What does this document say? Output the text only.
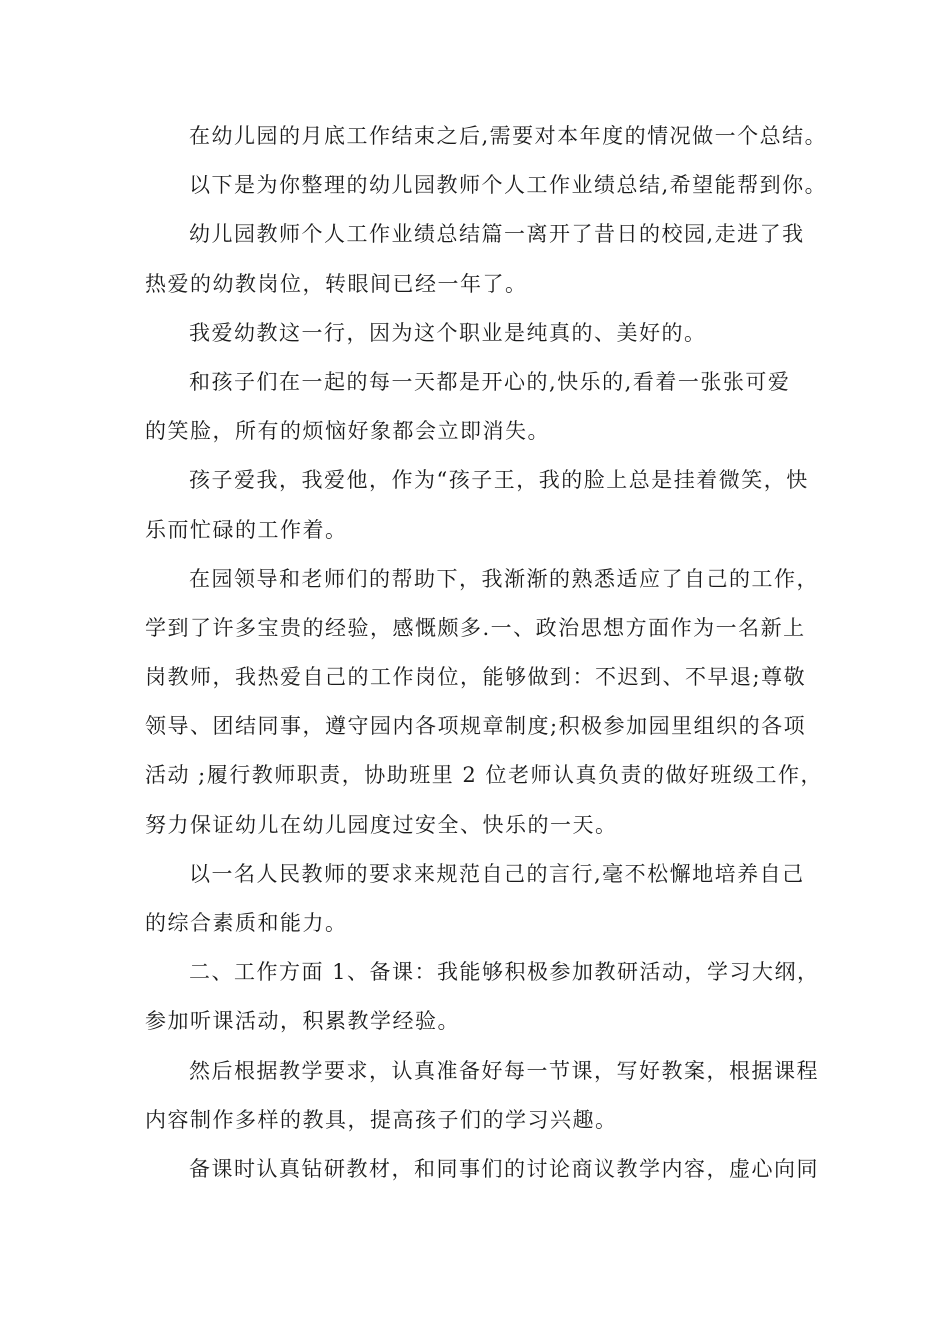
在幼儿园的月底工作结束之后,需要对本年度的情况做一个总结。
以下是为你整理的幼儿园教师个人工作业绩总结,希望能帮到你。
幼儿园教师个人工作业绩总结篇一离开了昔日的校园,走进了我
热爱的幼教岗位，转眼间已经一年了。
我爱幼教这一行，因为这个职业是纯真的、美好的。
和孩子们在一起的每一天都是开心的,快乐的,看着一张张可爱
的笑脸，所有的烦恼好象都会立即消失。
孩子爱我，我爱他，作为“孩子王，我的脸上总是挂着微笑，快
乐而忙碌的工作着。
在园领导和老师们的帮助下，我渐渐的熟悉适应了自己的工作，
学到了许多宝贵的经验，感慨颇多.一、政治思想方面作为一名新上
岗教师，我热爱自己的工作岗位，能够做到：不迟到、不早退;尊敬
领导、团结同事，遵守园内各项规章制度;积极参加园里组织的各项
活动 ;履行教师职责，协助班里 2 位老师认真负责的做好班级工作，
努力保证幼儿在幼儿园度过安全、快乐的一天。
以一名人民教师的要求来规范自己的言行,毫不松懈地培养自己
的综合素质和能力。
二、工作方面 1、备课：我能够积极参加教研活动，学习大纲，
参加听课活动，积累教学经验。
然后根据教学要求，认真准备好每一节课，写好教案，根据课程
内容制作多样的教具，提高孩子们的学习兴趣。
备课时认真钻研教材，和同事们的讨论商议教学内容，虚心向同
